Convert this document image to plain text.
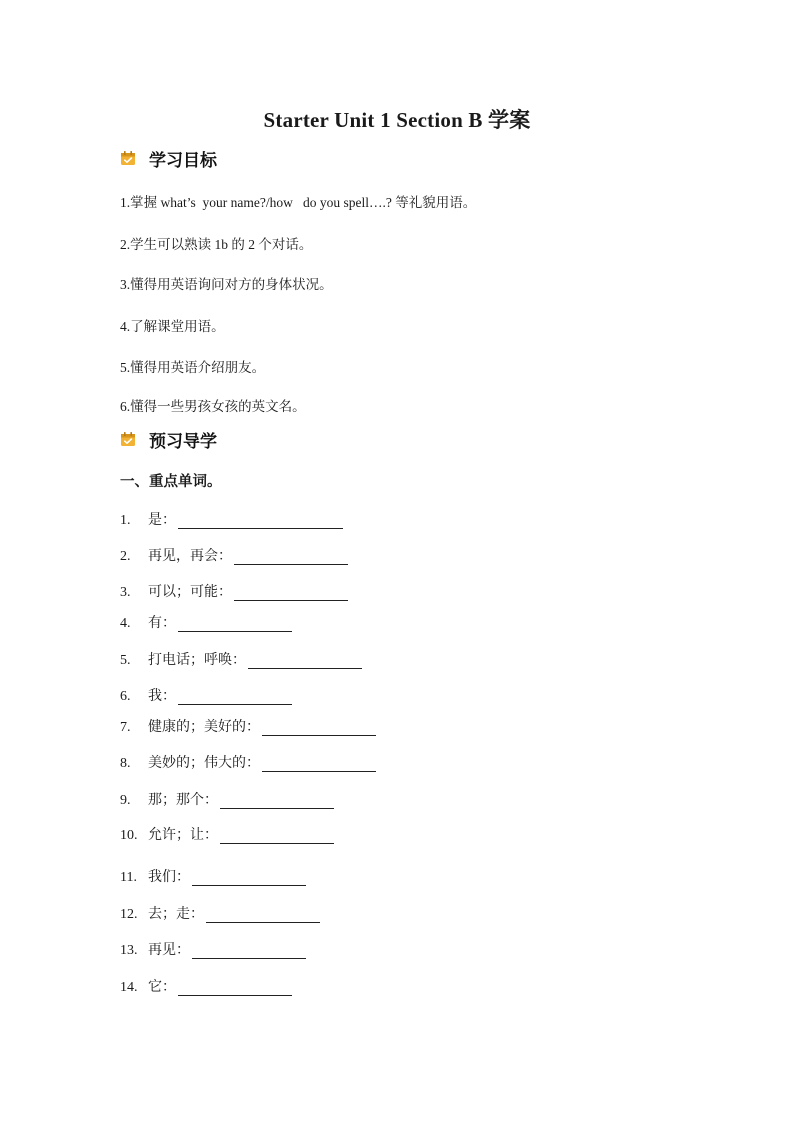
Starter Unit 1 Section B 学案
学习目标
1.掌握 what’s  your name?/how   do you spell….? 等礼貌用语。
2.学生可以熟读 1b 的 2 个对话。
3.懂得用英语询问对方的身体状况。
4.了解课堂用语。
5.懂得用英语介绍朋友。
6.懂得一些男孩女孩的英文名。
预习导学
一、重点单词。
1.	是：
2.	再见，再会：
3.	可以；可能：
4.	有：
5.	打电话；呼唤：
6.	我：
7.	健康的；美好的：
8.	美妙的；伟大的：
9.	那；那个：
10. 允许；让：
11. 我们：
12. 去；走：
13. 再见：
14. 它：
